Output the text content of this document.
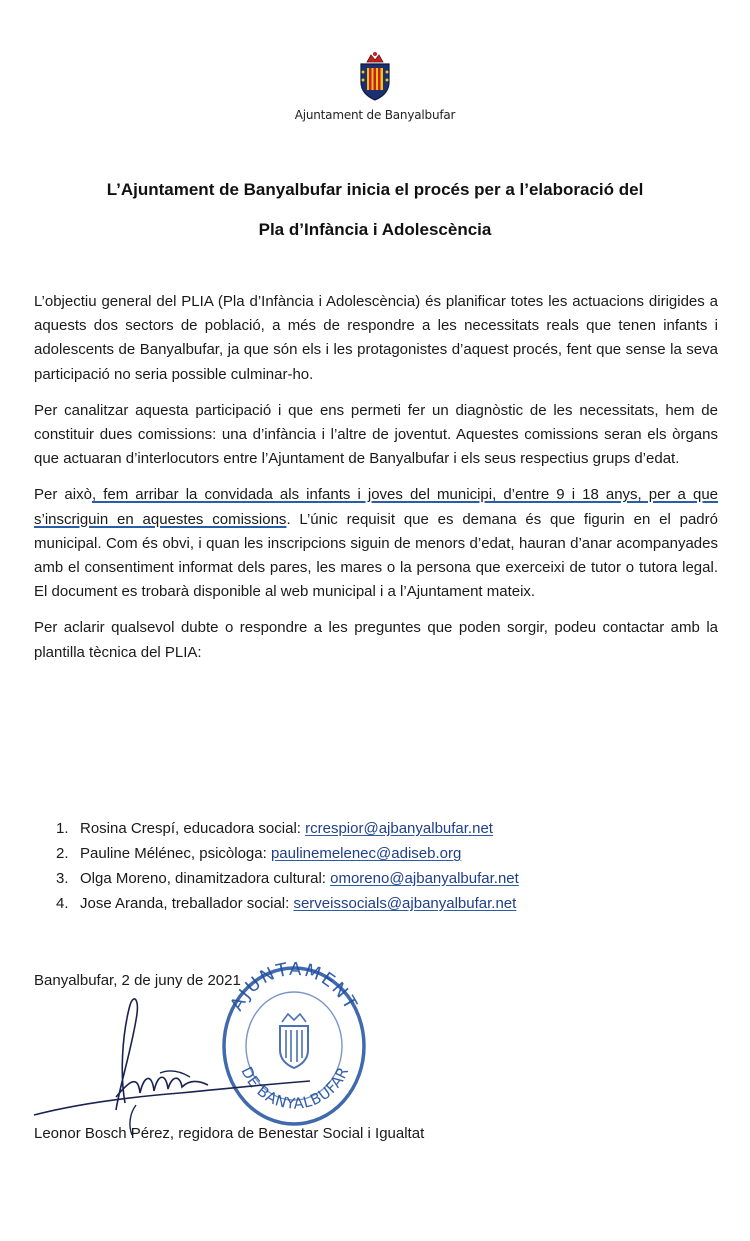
Ajuntament de Banyalbufar
L’Ajuntament de Banyalbufar inicia el procés per a l’elaboració del
Pla d’Infància i Adolescència

L’objectiu general del PLIA (Pla d’Infància i Adolescència) és planificar totes les actuacions dirigides a aquests dos sectors de població, a més de respondre a les necessitats reals que tenen infants i adolescents de Banyalbufar, ja que són els i les protagonistes d’aquest procés, fent que sense la seva participació no seria possible culminar-ho.

Per canalitzar aquesta participació i que ens permeti fer un diagnòstic de les necessitats, hem de constituir dues comissions: una d’infància i l’altre de joventut. Aquestes comissions seran els òrgans que actuaran d’interlocutors entre l’Ajuntament de Banyalbufar i els seus respectius grups d’edat.

Per això, fem arribar la convidada als infants i joves del municipi, d’entre 9 i 18 anys, per a que s’inscriguin en aquestes comissions. L’únic requisit que es demana és que figurin en el padró municipal. Com és obvi, i quan les inscripcions siguin de menors d’edat, hauran d’anar acompanyades amb el consentiment informat dels pares, les mares o la persona que exerceixi de tutor o tutora legal. El document es trobarà disponible al web municipal i a l’Ajuntament mateix.

Per aclarir qualsevol dubte o respondre a les preguntes que poden sorgir, podeu contactar amb la plantilla tècnica del PLIA:

1. Rosina Crespí, educadora social: rcrespior@ajbanyalbufar.net
2. Pauline Mélénec, psicòloga: paulinemelenec@adiseb.org
3. Olga Moreno, dinamitzadora cultural: omoreno@ajbanyalbufar.net
4. Jose Aranda, treballador social: serveissocials@ajbanyalbufar.net
Banyalbufar, 2 de juny de 2021
AJUNTAMENT
DE BANYALBUFAR
Leonor Bosch Pérez, regidora de Benestar Social i Igualtat
